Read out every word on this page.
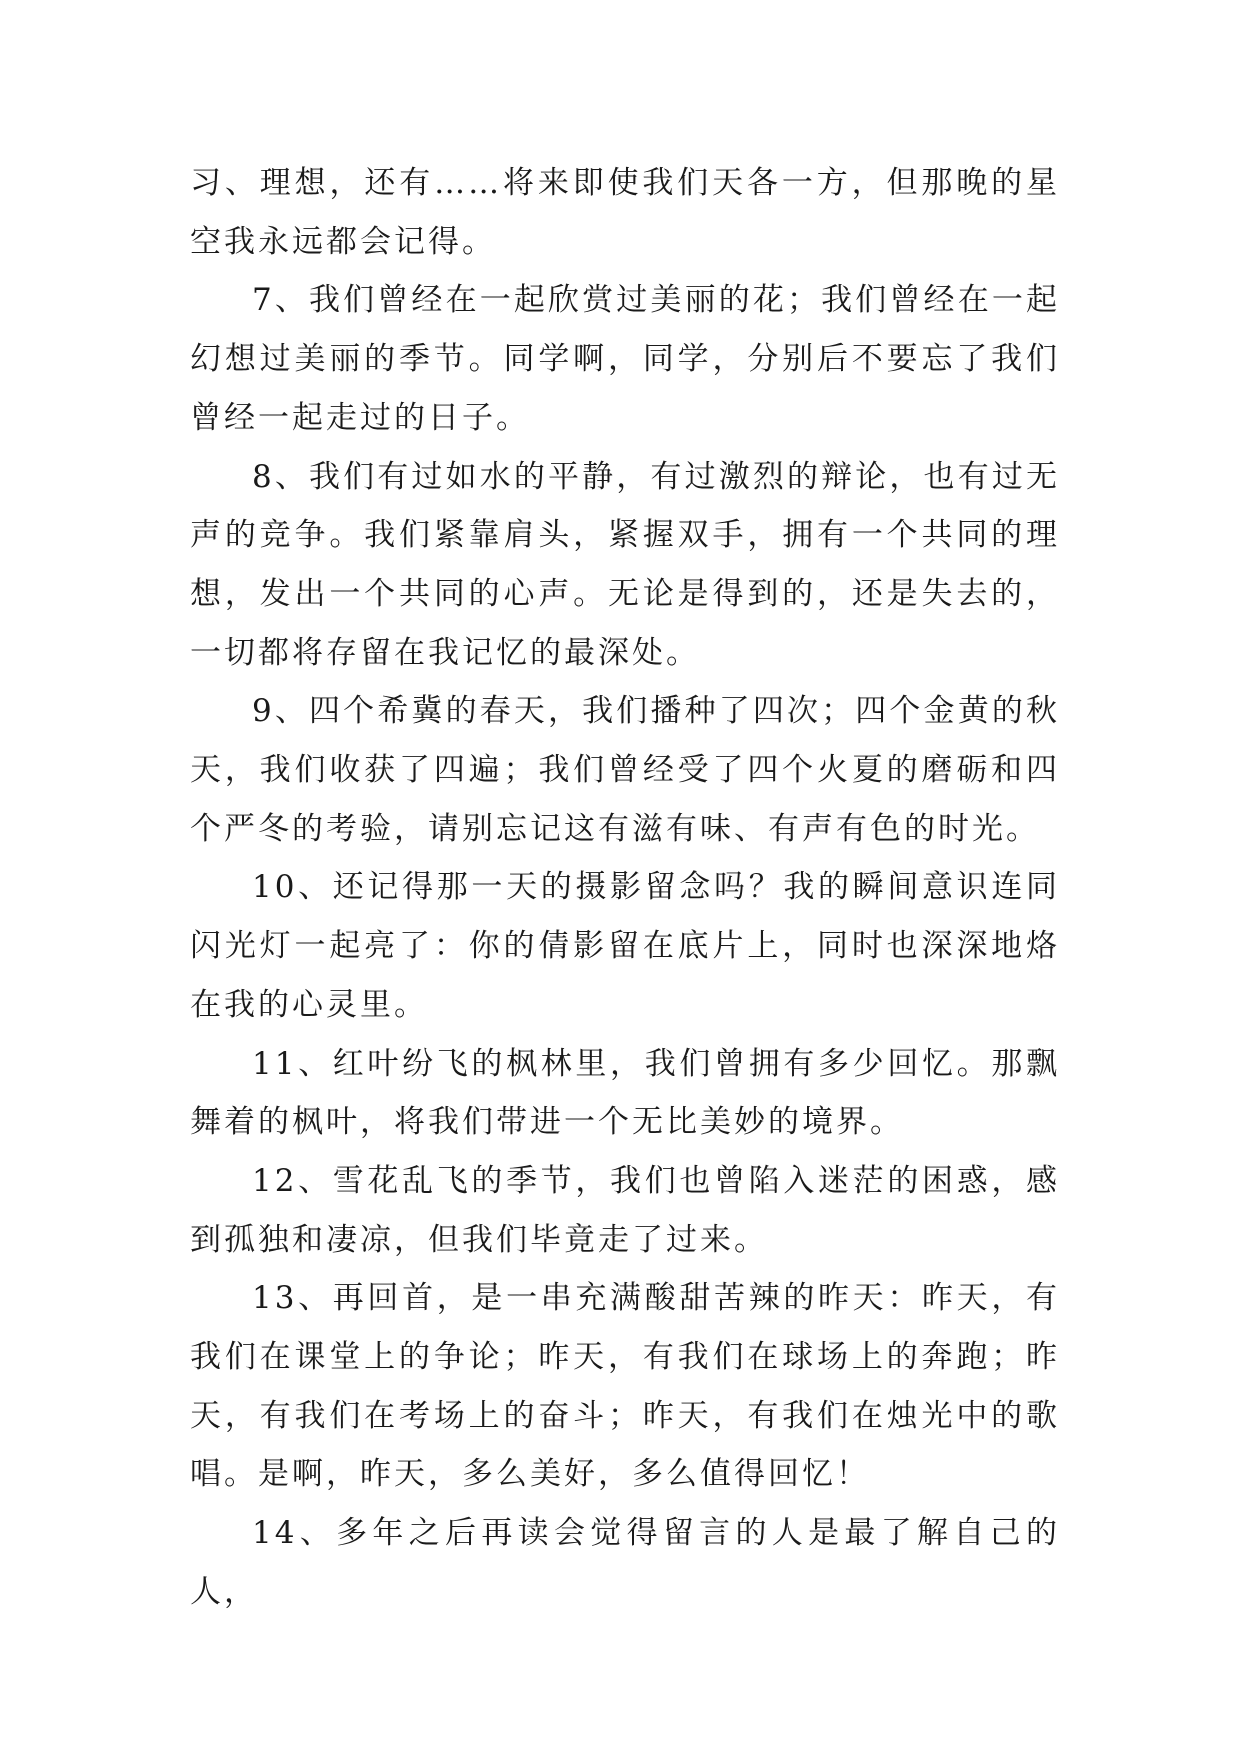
习、理想，还有……将来即使我们天各一方，但那晚的星空我永远都会记得。

7、我们曾经在一起欣赏过美丽的花；我们曾经在一起幻想过美丽的季节。同学啊，同学，分别后不要忘了我们曾经一起走过的日子。

8、我们有过如水的平静，有过激烈的辩论，也有过无声的竞争。我们紧靠肩头，紧握双手，拥有一个共同的理想，发出一个共同的心声。无论是得到的，还是失去的，一切都将存留在我记忆的最深处。

9、四个希冀的春天，我们播种了四次；四个金黄的秋天，我们收获了四遍；我们曾经受了四个火夏的磨砺和四个严冬的考验，请别忘记这有滋有味、有声有色的时光。

10、还记得那一天的摄影留念吗？我的瞬间意识连同闪光灯一起亮了：你的倩影留在底片上，同时也深深地烙在我的心灵里。

11、红叶纷飞的枫林里，我们曾拥有多少回忆。那飘舞着的枫叶，将我们带进一个无比美妙的境界。

12、雪花乱飞的季节，我们也曾陷入迷茫的困惑，感到孤独和凄凉，但我们毕竟走了过来。

13、再回首，是一串充满酸甜苦辣的昨天：昨天，有我们在课堂上的争论；昨天，有我们在球场上的奔跑；昨天，有我们在考场上的奋斗；昨天，有我们在烛光中的歌唱。是啊，昨天，多么美好，多么值得回忆！

14、多年之后再读会觉得留言的人是最了解自己的人，
